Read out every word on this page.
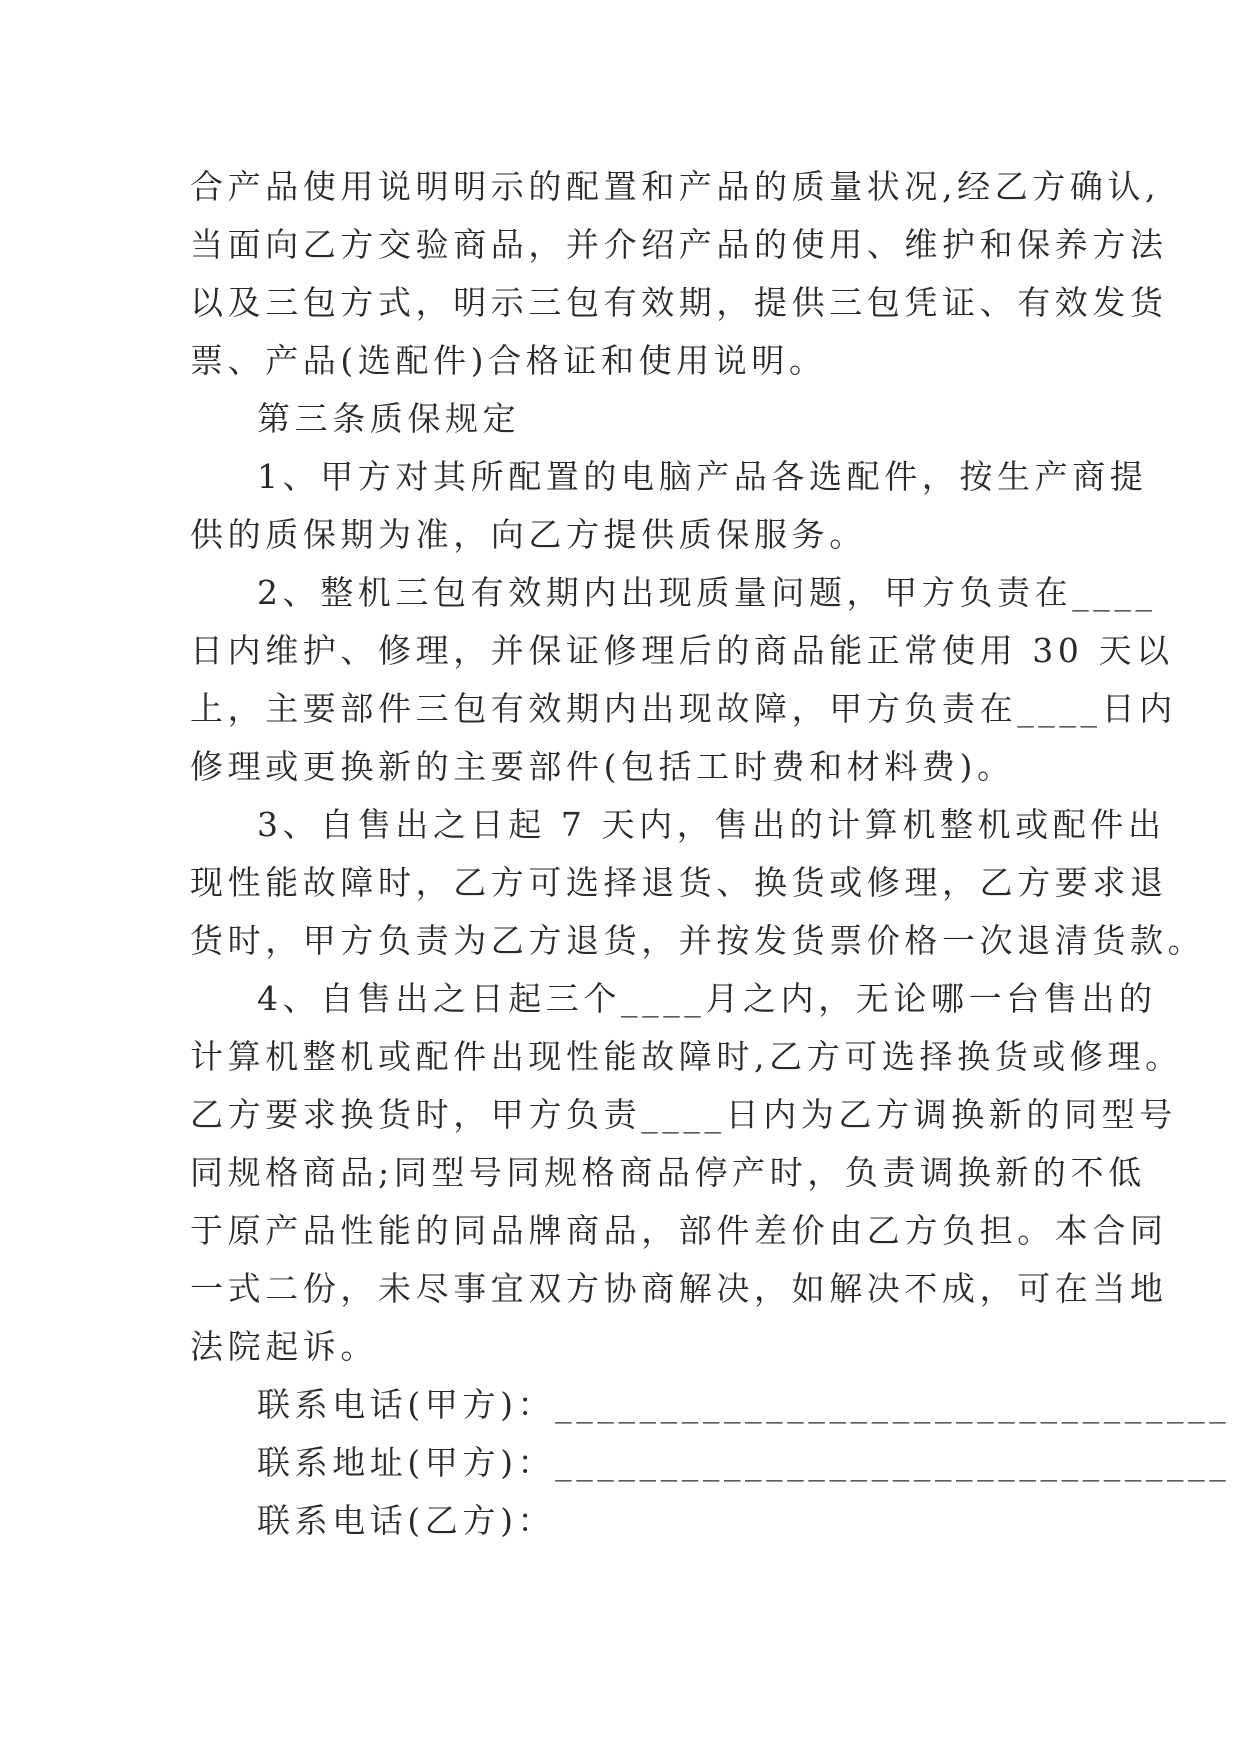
合产品使用说明明示的配置和产品的质量状况,经乙方确认,
当面向乙方交验商品，并介绍产品的使用、维护和保养方法
以及三包方式，明示三包有效期，提供三包凭证、有效发货
票、产品(选配件)合格证和使用说明。
第三条质保规定
1、甲方对其所配置的电脑产品各选配件，按生产商提
供的质保期为准，向乙方提供质保服务。
2、整机三包有效期内出现质量问题，甲方负责在____
日内维护、修理，并保证修理后的商品能正常使用 30 天以
上，主要部件三包有效期内出现故障，甲方负责在____日内
修理或更换新的主要部件(包括工时费和材料费)。
3、自售出之日起 7 天内，售出的计算机整机或配件出
现性能故障时，乙方可选择退货、换货或修理，乙方要求退
货时，甲方负责为乙方退货，并按发货票价格一次退清货款。
4、自售出之日起三个____月之内，无论哪一台售出的
计算机整机或配件出现性能故障时,乙方可选择换货或修理。
乙方要求换货时，甲方负责____日内为乙方调换新的同型号
同规格商品;同型号同规格商品停产时，负责调换新的不低
于原产品性能的同品牌商品，部件差价由乙方负担。本合同
一式二份，未尽事宜双方协商解决，如解决不成，可在当地
法院起诉。
联系电话(甲方)：________________________________
联系地址(甲方)：________________________________
联系电话(乙方)：
